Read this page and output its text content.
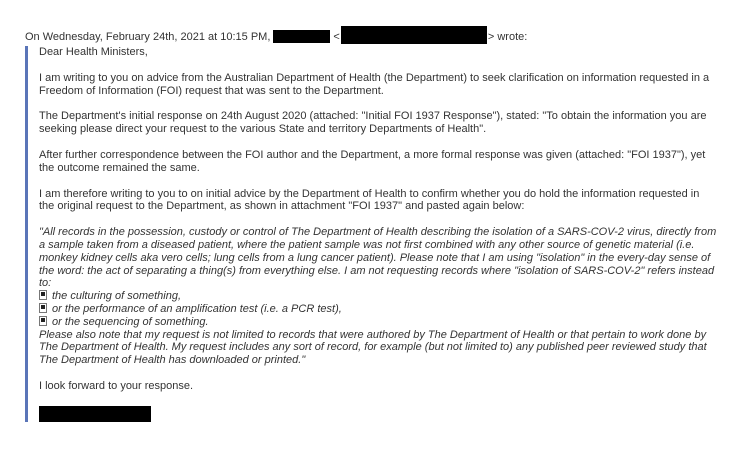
On Wednesday, February 24th, 2021 at 10:15 PM,	<	> wrote:

Dear Health Ministers,

I am writing to you on advice from the Australian Department of Health (the Department) to seek clarification on information requested in a Freedom of Information (FOI) request that was sent to the Department.

The Department's initial response on 24th August 2020 (attached: "Initial FOI 1937 Response"), stated: "To obtain the information you are seeking please direct your request to the various State and territory Departments of Health".

After further correspondence between the FOI author and the Department, a more formal response was given (attached: "FOI 1937"), yet the outcome remained the same.

I am therefore writing to you to on initial advice by the Department of Health to confirm whether you do hold the information requested in the original request to the Department, as shown in attachment "FOI 1937" and pasted again below:

"All records in the possession, custody or control of The Department of Health describing the isolation of a SARS-COV-2 virus, directly from a sample taken from a diseased patient, where the patient sample was not first combined with any other source of genetic material (i.e. monkey kidney cells aka vero cells; lung cells from a lung cancer patient). Please note that I am using "isolation" in the every-day sense of the word: the act of separating a thing(s) from everything else. I am not requesting records where "isolation of SARS-COV-2" refers instead to:

the culturing of something,
or the performance of an amplification test (i.e. a PCR test),
or the sequencing of something.

Please also note that my request is not limited to records that were authored by The Department of Health or that pertain to work done by The Department of Health. My request includes any sort of record, for example (but not limited to) any published peer reviewed study that The Department of Health has downloaded or printed."

I look forward to your response.
